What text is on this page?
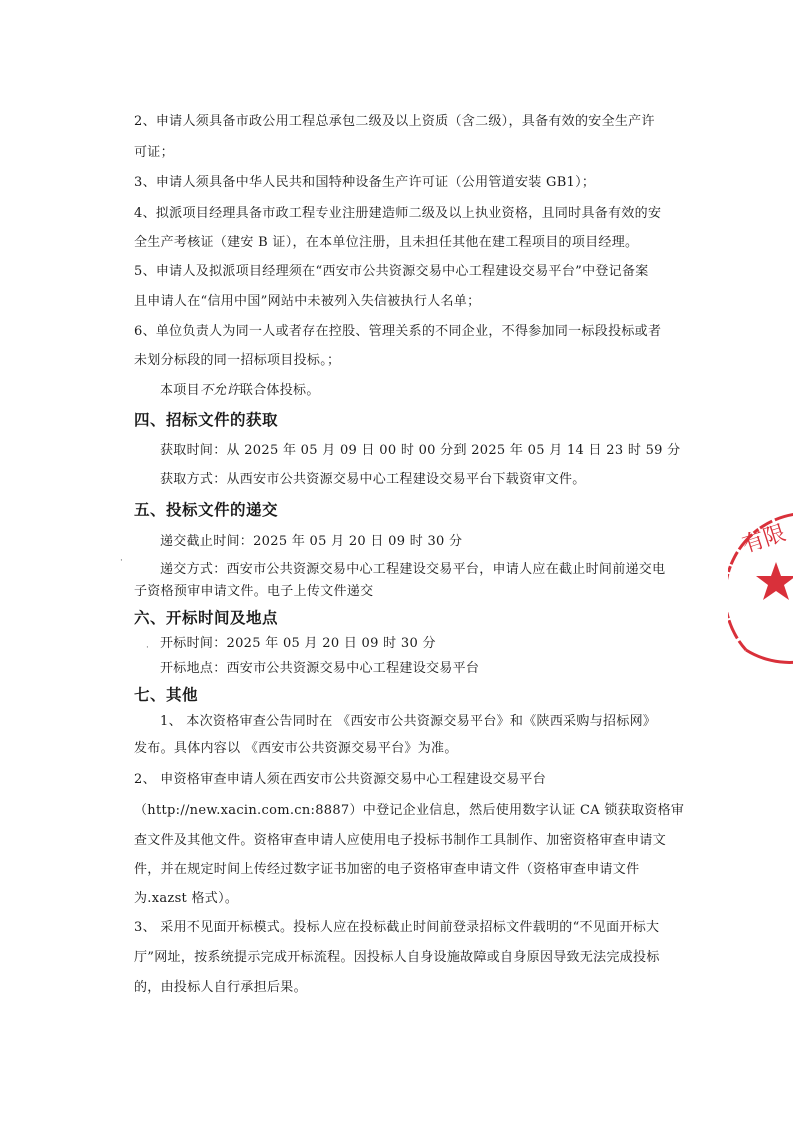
2、申请人须具备市政公用工程总承包二级及以上资质（含二级），具备有效的安全生产许
可证；
3、申请人须具备中华人民共和国特种设备生产许可证（公用管道安装 GB1）；
4、拟派项目经理具备市政工程专业注册建造师二级及以上执业资格，且同时具备有效的安
全生产考核证（建安 B 证），在本单位注册，且未担任其他在建工程项目的项目经理。
5、申请人及拟派项目经理须在“西安市公共资源交易中心工程建设交易平台”中登记备案
且申请人在“信用中国”网站中未被列入失信被执行人名单；
6、单位负责人为同一人或者存在控股、管理关系的不同企业，不得参加同一标段投标或者
未划分标段的同一招标项目投标。；
本项目不允许联合体投标。
四、招标文件的获取
获取时间：从 2025 年 05 月 09 日 00 时 00 分到 2025 年 05 月 14 日 23 时 59 分
获取方式：从西安市公共资源交易中心工程建设交易平台下载资审文件。
五、投标文件的递交
递交截止时间：2025 年 05 月 20 日 09 时 30 分
递交方式：西安市公共资源交易中心工程建设交易平台，申请人应在截止时间前递交电
子资格预审申请文件。电子上传文件递交
六、开标时间及地点
开标时间：2025 年 05 月 20 日 09 时 30 分
开标地点：西安市公共资源交易中心工程建设交易平台
七、其他
1、 本次资格审查公告同时在 《西安市公共资源交易平台》和《陕西采购与招标网》
发布。具体内容以 《西安市公共资源交易平台》为准。
2、 申资格审查申请人须在西安市公共资源交易中心工程建设交易平台
（http://new.xacin.com.cn:8887）中登记企业信息，然后使用数字认证 CA 锁获取资格审
查文件及其他文件。资格审查申请人应使用电子投标书制作工具制作、加密资格审查申请文
件，并在规定时间上传经过数字证书加密的电子资格审查申请文件（资格审查申请文件
为.xazst 格式）。
3、 采用不见面开标模式。投标人应在投标截止时间前登录招标文件载明的“不见面开标大
厅”网址，按系统提示完成开标流程。因投标人自身设施故障或自身原因导致无法完成投标
的，由投标人自行承担后果。
·
·
有限
